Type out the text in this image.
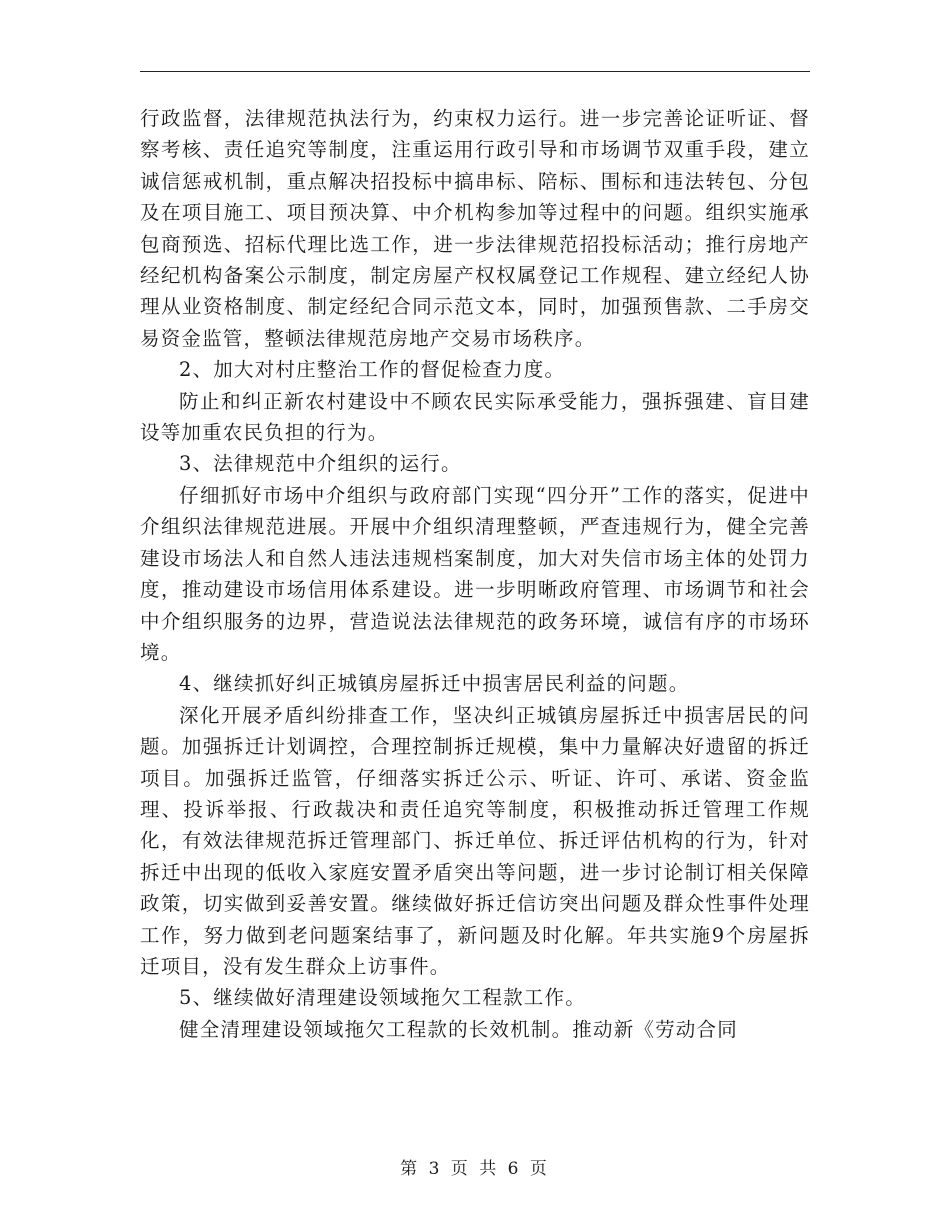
行政监督，法律规范执法行为，约束权力运行。进一步完善论证听证、督察考核、责任追究等制度，注重运用行政引导和市场调节双重手段，建立诚信惩戒机制，重点解决招投标中搞串标、陪标、围标和违法转包、分包及在项目施工、项目预决算、中介机构参加等过程中的问题。组织实施承包商预选、招标代理比选工作，进一步法律规范招投标活动；推行房地产经纪机构备案公示制度，制定房屋产权权属登记工作规程、建立经纪人协理从业资格制度、制定经纪合同示范文本，同时，加强预售款、二手房交易资金监管，整顿法律规范房地产交易市场秩序。

2、加大对村庄整治工作的督促检查力度。

防止和纠正新农村建设中不顾农民实际承受能力，强拆强建、盲目建设等加重农民负担的行为。

3、法律规范中介组织的运行。

仔细抓好市场中介组织与政府部门实现“四分开”工作的落实，促进中介组织法律规范进展。开展中介组织清理整顿，严查违规行为，健全完善建设市场法人和自然人违法违规档案制度，加大对失信市场主体的处罚力度，推动建设市场信用体系建设。进一步明晰政府管理、市场调节和社会中介组织服务的边界，营造说法法律规范的政务环境，诚信有序的市场环境。

4、继续抓好纠正城镇房屋拆迁中损害居民利益的问题。

深化开展矛盾纠纷排查工作，坚决纠正城镇房屋拆迁中损害居民的问题。加强拆迁计划调控，合理控制拆迁规模，集中力量解决好遗留的拆迁项目。加强拆迁监管，仔细落实拆迁公示、听证、许可、承诺、资金监理、投诉举报、行政裁决和责任追究等制度，积极推动拆迁管理工作规化，有效法律规范拆迁管理部门、拆迁单位、拆迁评估机构的行为，针对拆迁中出现的低收入家庭安置矛盾突出等问题，进一步讨论制订相关保障政策，切实做到妥善安置。继续做好拆迁信访突出问题及群众性事件处理工作，努力做到老问题案结事了，新问题及时化解。年共实施9个房屋拆迁项目，没有发生群众上访事件。

5、继续做好清理建设领域拖欠工程款工作。

健全清理建设领域拖欠工程款的长效机制。推动新《劳动合同

第 3 页 共 6 页
